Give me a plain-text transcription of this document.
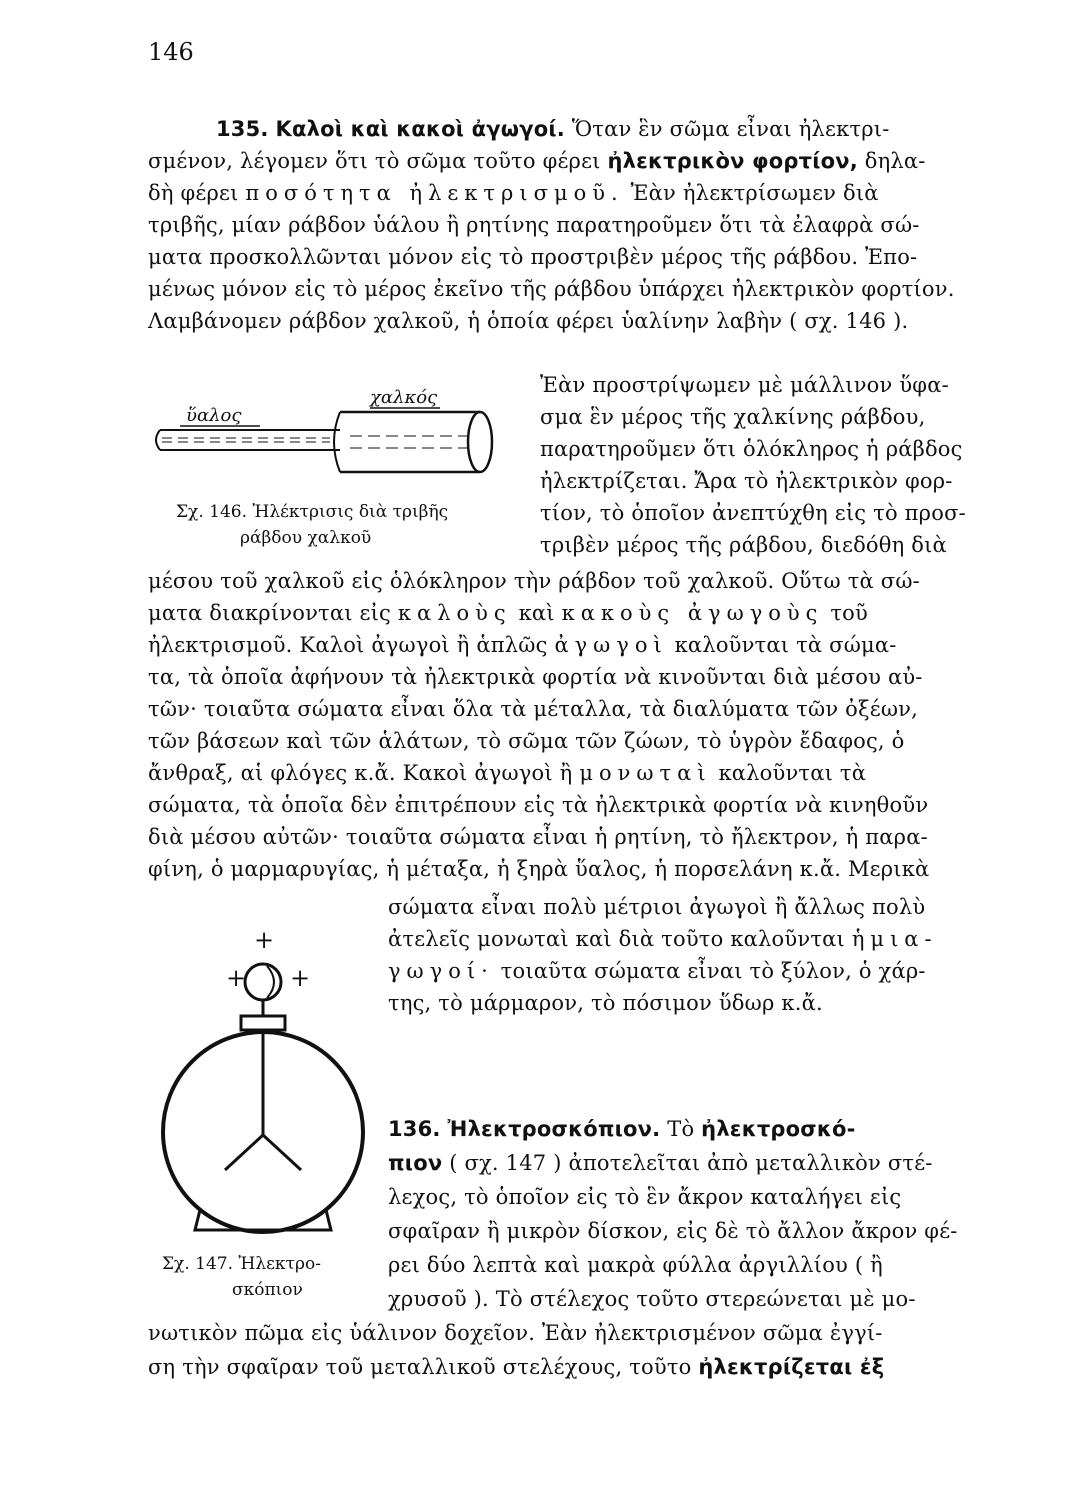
146
135. Καλοὶ καὶ κακοὶ ἀγωγοί. Ὅταν ἓν σῶμα εἶναι ἠλεκτρι-
σμένον, λέγομεν ὅτι τὸ σῶμα τοῦτο φέρει ἠλεκτρικὸν φορτίον, δηλα-
δὴ φέρει ποσότητα ἠλεκτρισμοῦ. Ἐὰν ἠλεκτρίσωμεν διὰ
τριβῆς, μίαν ράβδον ὑάλου ἢ ρητίνης παρατηροῦμεν ὅτι τὰ ἐλαφρὰ σώ-
ματα προσκολλῶνται μόνον εἰς τὸ προστριβὲν μέρος τῆς ράβδου. Ἐπο-
μένως μόνον εἰς τὸ μέρος ἐκεῖνο τῆς ράβδου ὑπάρχει ἠλεκτρικὸν φορτίον.
Λαμβάνομεν ράβδον χαλκοῦ, ἡ ὁποία φέρει ὑαλίνην λαβὴν ( σχ. 146 ).
ὕαλος
χαλκός
Σχ. 146. Ἠλέκτρισις διὰ τριβῆς
ράβδου χαλκοῦ
Ἐὰν προστρίψωμεν μὲ μάλλινον ὕφα-
σμα ἓν μέρος τῆς χαλκίνης ράβδου,
παρατηροῦμεν ὅτι ὁλόκληρος ἡ ράβδος
ἠλεκτρίζεται. Ἄρα τὸ ἠλεκτρικὸν φορ-
τίον, τὸ ὁποῖον ἀνεπτύχθη εἰς τὸ προσ-
τριβὲν μέρος τῆς ράβδου, διεδόθη διὰ
μέσου τοῦ χαλκοῦ εἰς ὁλόκληρον τὴν ράβδον τοῦ χαλκοῦ. Οὕτω τὰ σώ-
ματα διακρίνονται εἰς καλοὺς καὶ κακοὺς ἀγωγοὺς τοῦ
ἠλεκτρισμοῦ. Καλοὶ ἀγωγοὶ ἢ ἁπλῶς ἀγωγοὶ καλοῦνται τὰ σώμα-
τα, τὰ ὁποῖα ἀφήνουν τὰ ἠλεκτρικὰ φορτία νὰ κινοῦνται διὰ μέσου αὐ-
τῶν· τοιαῦτα σώματα εἶναι ὅλα τὰ μέταλλα, τὰ διαλύματα τῶν ὀξέων,
τῶν βάσεων καὶ τῶν ἁλάτων, τὸ σῶμα τῶν ζώων, τὸ ὑγρὸν ἔδαφος, ὁ
ἄνθραξ, αἱ φλόγες κ.ἄ. Κακοὶ ἀγωγοὶ ἢ μονωταὶ καλοῦνται τὰ
σώματα, τὰ ὁποῖα δὲν ἐπιτρέπουν εἰς τὰ ἠλεκτρικὰ φορτία νὰ κινηθοῦν
διὰ μέσου αὐτῶν· τοιαῦτα σώματα εἶναι ἡ ρητίνη, τὸ ἤλεκτρον, ἡ παρα-
φίνη, ὁ μαρμαρυγίας, ἡ μέταξα, ἡ ξηρὰ ὕαλος, ἡ πορσελάνη κ.ἄ. Μερικὰ
σώματα εἶναι πολὺ μέτριοι ἀγωγοὶ ἢ ἄλλως πολὺ
ἀτελεῖς μονωταὶ καὶ διὰ τοῦτο καλοῦνται ἡμια-
γωγοί· τοιαῦτα σώματα εἶναι τὸ ξύλον, ὁ χάρ-
της, τὸ μάρμαρον, τὸ πόσιμον ὕδωρ κ.ἄ.
+
+ +
136. Ἠλεκτροσκόπιον. Τὸ ἠλεκτροσκό-
πιον ( σχ. 147 ) ἀποτελεῖται ἀπὸ μεταλλικὸν στέ-
λεχος, τὸ ὁποῖον εἰς τὸ ἓν ἄκρον καταλήγει εἰς
σφαῖραν ἢ μικρὸν δίσκον, εἰς δὲ τὸ ἄλλον ἄκρον φέ-
ρει δύο λεπτὰ καὶ μακρὰ φύλλα ἀργιλλίου ( ἢ
Σχ. 147. Ἠλεκτρο-
σκόπιον	χρυσοῦ ). Τὸ στέλεχος τοῦτο στερεώνεται μὲ μο-
νωτικὸν πῶμα εἰς ὑάλινον δοχεῖον. Ἐὰν ἠλεκτρισμένον σῶμα ἐγγί-
ση τὴν σφαῖραν τοῦ μεταλλικοῦ στελέχους, τοῦτο ἠλεκτρίζεται ἐξ
